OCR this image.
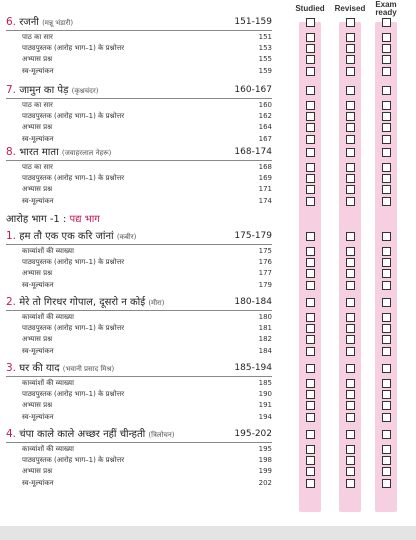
Studied	Revised	Exam ready
आरोह भाग -1 : पद्य भाग
6. रजनी (मन्नू भंडारी)	151-159
पाठ का सार	151
पाठ्यपुस्तक (आरोह भाग–1) के प्रश्नोत्तर	153
अभ्यास प्रश्न	155
स्व-मूल्यांकन	159
7. जामुन का पेड़ (कृश्नचंदर)	160-167
पाठ का सार	160
पाठ्यपुस्तक (आरोह भाग–1) के प्रश्नोत्तर	162
अभ्यास प्रश्न	164
स्व-मूल्यांकन	167
8. भारत माता (जवाहरलाल नेहरू)	168-174
पाठ का सार	168
पाठ्यपुस्तक (आरोह भाग–1) के प्रश्नोत्तर	169
अभ्यास प्रश्न	171
स्व-मूल्यांकन	174
1. हम तौ एक एक करि जांनां (कबीर)	175-179
काव्यांशों की व्याख्या	175
पाठ्यपुस्तक (आरोह भाग–1) के प्रश्नोत्तर	176
अभ्यास प्रश्न	177
स्व-मूल्यांकन	179
2. मेरे तो गिरधर गोपाल, दूसरो न कोई (मीरा)	180-184
काव्यांशों की व्याख्या	180
पाठ्यपुस्तक (आरोह भाग–1) के प्रश्नोत्तर	181
अभ्यास प्रश्न	182
स्व-मूल्यांकन	184
3. घर की याद (भवानी प्रसाद मिश्र)	185-194
काव्यांशों की व्याख्या	185
पाठ्यपुस्तक (आरोह भाग–1) के प्रश्नोत्तर	190
अभ्यास प्रश्न	191
स्व-मूल्यांकन	194
4. चंपा काले काले अच्छर नहीं चीन्हती (त्रिलोचन)	195-202
काव्यांशों की व्याख्या	195
पाठ्यपुस्तक (आरोह भाग–1) के प्रश्नोत्तर	198
अभ्यास प्रश्न	199
स्व-मूल्यांकन	202
